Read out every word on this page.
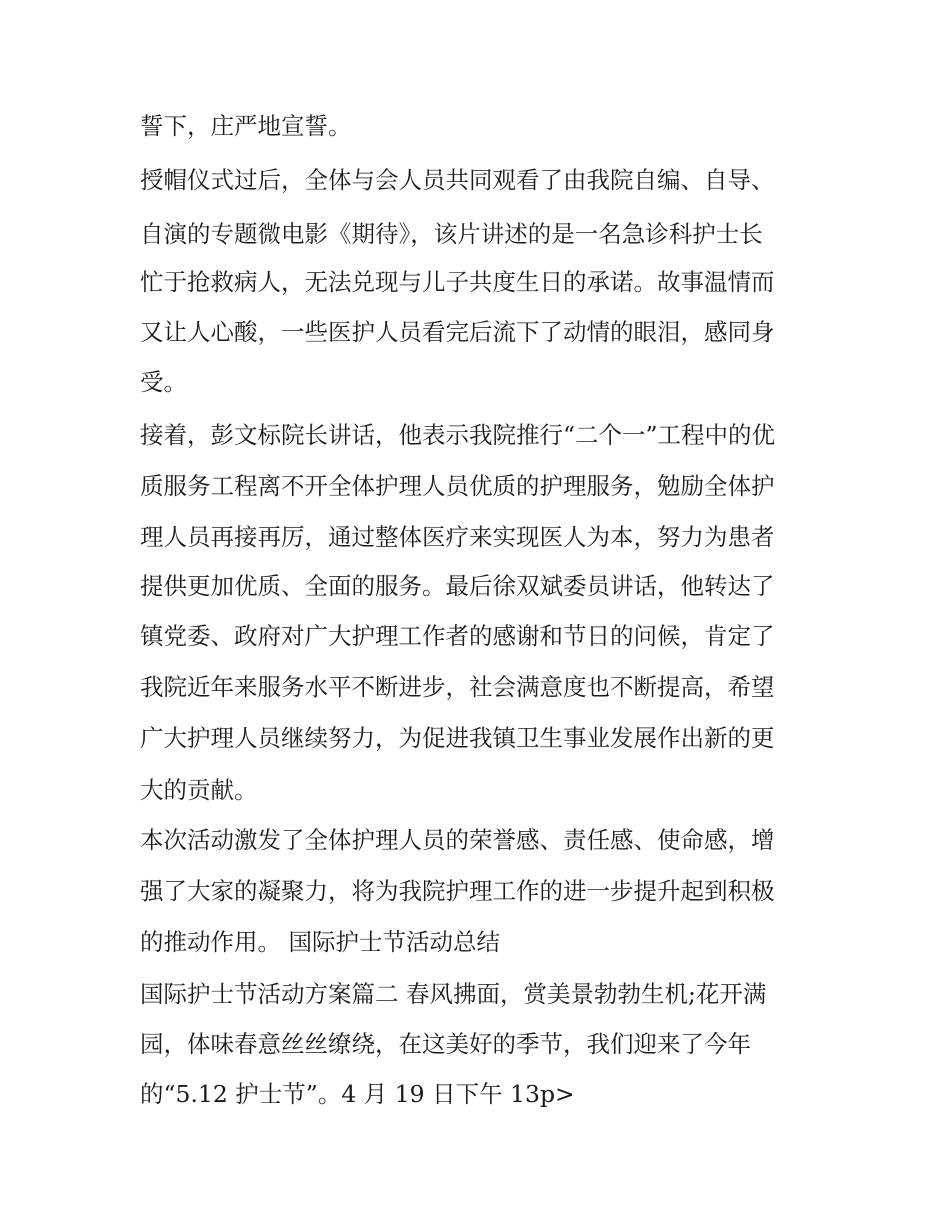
誓下，庄严地宣誓。
授帽仪式过后，全体与会人员共同观看了由我院自编、自导、
自演的专题微电影《期待》，该片讲述的是一名急诊科护士长
忙于抢救病人，无法兑现与儿子共度生日的承诺。故事温情而
又让人心酸，一些医护人员看完后流下了动情的眼泪，感同身
受。
接着，彭文标院长讲话，他表示我院推行“二个一”工程中的优
质服务工程离不开全体护理人员优质的护理服务，勉励全体护
理人员再接再厉，通过整体医疗来实现医人为本，努力为患者
提供更加优质、全面的服务。最后徐双斌委员讲话，他转达了
镇党委、政府对广大护理工作者的感谢和节日的问候，肯定了
我院近年来服务水平不断进步，社会满意度也不断提高，希望
广大护理人员继续努力，为促进我镇卫生事业发展作出新的更
大的贡献。
本次活动激发了全体护理人员的荣誉感、责任感、使命感，增
强了大家的凝聚力，将为我院护理工作的进一步提升起到积极
的推动作用。 国际护士节活动总结
国际护士节活动方案篇二 春风拂面，赏美景勃勃生机;花开满
园，体味春意丝丝缭绕，在这美好的季节，我们迎来了今年
的“5.12 护士节”。4 月 19 日下午 13p>
